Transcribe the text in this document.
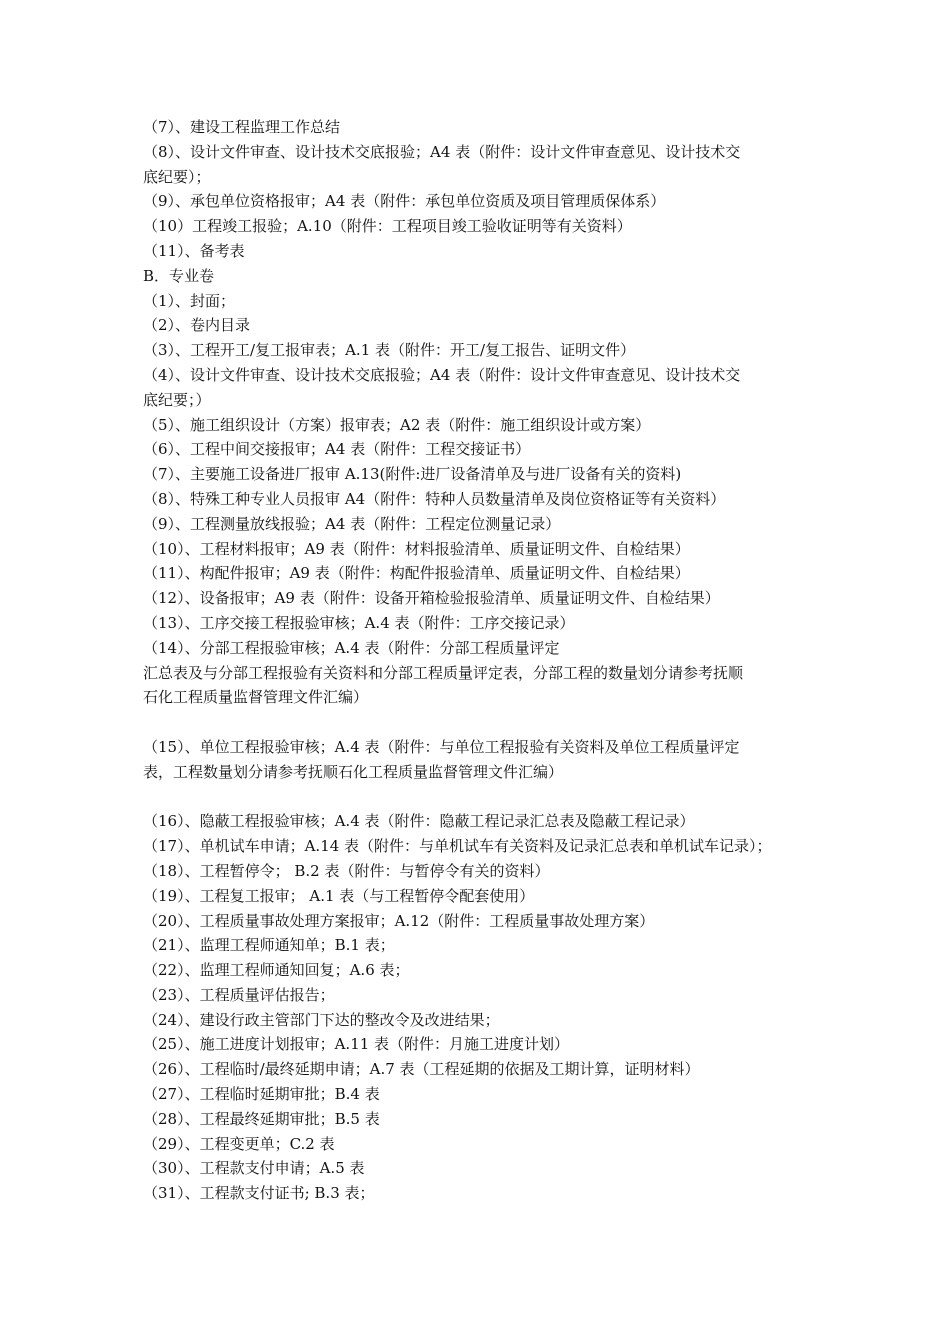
（7）、建设工程监理工作总结
（8）、设计文件审查、设计技术交底报验；A4 表（附件：设计文件审查意见、设计技术交
底纪要）；
（9）、承包单位资格报审；A4 表（附件：承包单位资质及项目管理质保体系）
（10）工程竣工报验；A.10（附件：工程项目竣工验收证明等有关资料）
（11）、备考表
B．专业卷
（1）、封面；
（2）、卷内目录
（3）、工程开工/复工报审表；A.1 表（附件：开工/复工报告、证明文件）
（4）、设计文件审查、设计技术交底报验；A4 表（附件：设计文件审查意见、设计技术交
底纪要；）
（5）、施工组织设计（方案）报审表；A2 表（附件：施工组织设计或方案）
（6）、工程中间交接报审；A4 表（附件：工程交接证书）
（7）、主要施工设备进厂报审 A.13(附件:进厂设备清单及与进厂设备有关的资料)
（8）、特殊工种专业人员报审 A4（附件：特种人员数量清单及岗位资格证等有关资料）
（9）、工程测量放线报验；A4 表（附件：工程定位测量记录）
（10）、工程材料报审；A9 表（附件：材料报验清单、质量证明文件、自检结果）
（11）、构配件报审；A9 表（附件：构配件报验清单、质量证明文件、自检结果）
（12）、设备报审；A9 表（附件：设备开箱检验报验清单、质量证明文件、自检结果）
（13）、工序交接工程报验审核；A.4 表（附件：工序交接记录）
（14）、分部工程报验审核；A.4 表（附件：分部工程质量评定
汇总表及与分部工程报验有关资料和分部工程质量评定表，分部工程的数量划分请参考抚顺
石化工程质量监督管理文件汇编）
（15）、单位工程报验审核；A.4 表（附件：与单位工程报验有关资料及单位工程质量评定
表，工程数量划分请参考抚顺石化工程质量监督管理文件汇编）
（16）、隐蔽工程报验审核；A.4 表（附件：隐蔽工程记录汇总表及隐蔽工程记录）
（17）、单机试车申请；A.14 表（附件：与单机试车有关资料及记录汇总表和单机试车记录）；
（18）、工程暂停令； B.2 表（附件：与暂停令有关的资料）
（19）、工程复工报审； A.1 表（与工程暂停令配套使用）
（20）、工程质量事故处理方案报审；A.12（附件：工程质量事故处理方案）
（21）、监理工程师通知单；B.1 表；
（22）、监理工程师通知回复；A.6 表；
（23）、工程质量评估报告；
（24）、建设行政主管部门下达的整改令及改进结果；
（25）、施工进度计划报审；A.11 表（附件：月施工进度计划）
（26）、工程临时/最终延期申请；A.7 表（工程延期的依据及工期计算，证明材料）
（27）、工程临时延期审批；B.4 表
（28）、工程最终延期审批；B.5 表
（29）、工程变更单；C.2 表
（30）、工程款支付申请；A.5 表
（31）、工程款支付证书; B.3 表；
